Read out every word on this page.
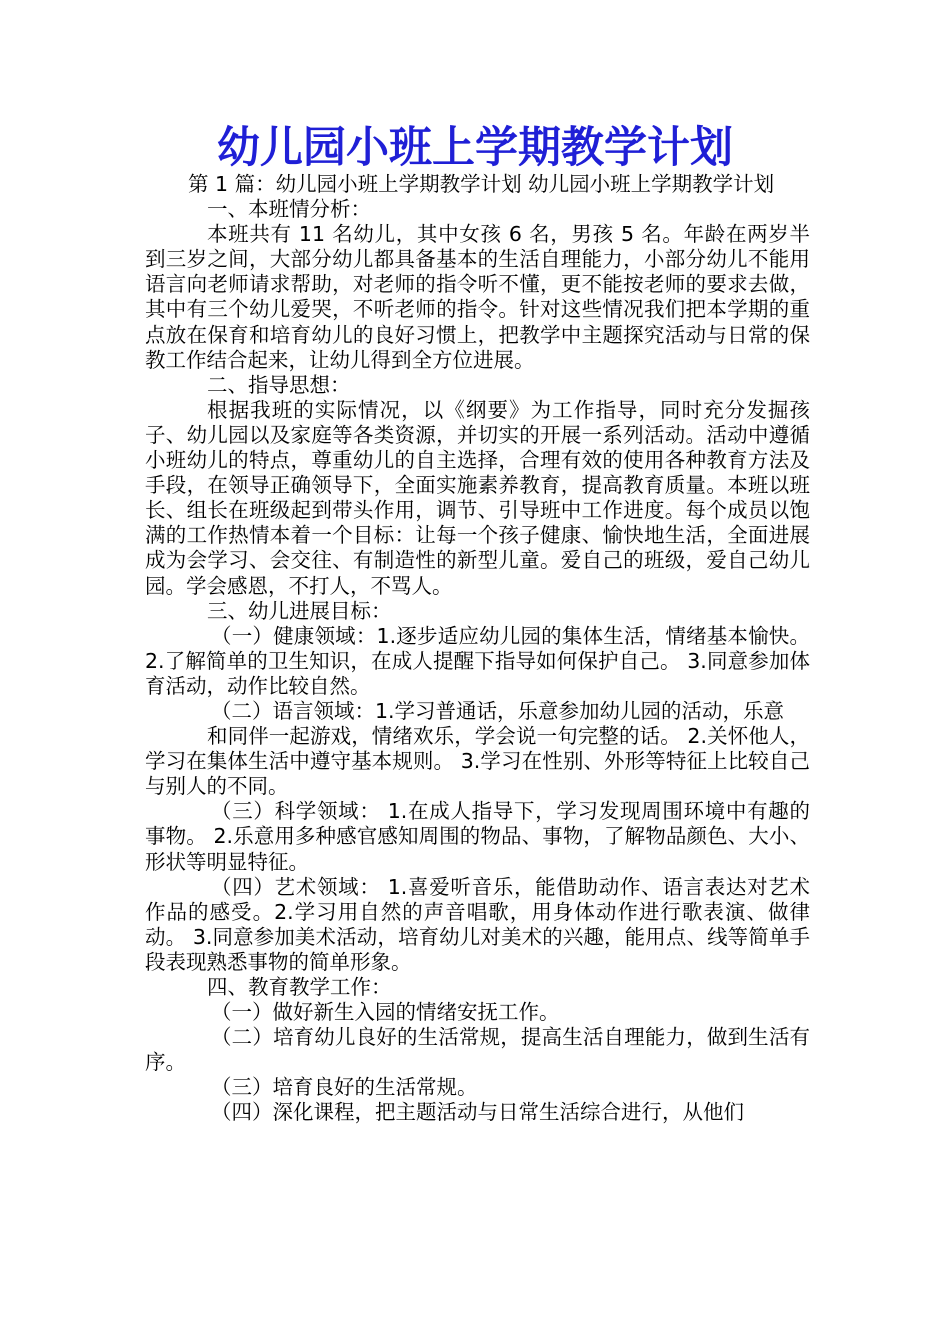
幼儿园小班上学期教学计划

第 1 篇：幼儿园小班上学期教学计划 幼儿园小班上学期教学计划

一、本班情分析：

本班共有 11 名幼儿，其中女孩 6 名，男孩 5 名。年龄在两岁半到三岁之间，大部分幼儿都具备基本的生活自理能力，小部分幼儿不能用语言向老师请求帮助，对老师的指令听不懂，更不能按老师的要求去做，其中有三个幼儿爱哭，不听老师的指令。针对这些情况我们把本学期的重点放在保育和培育幼儿的良好习惯上，把教学中主题探究活动与日常的保教工作结合起来，让幼儿得到全方位进展。

二、指导思想：

根据我班的实际情况，以《纲要》为工作指导，同时充分发掘孩子、幼儿园以及家庭等各类资源，并切实的开展一系列活动。活动中遵循小班幼儿的特点，尊重幼儿的自主选择，合理有效的使用各种教育方法及手段，在领导正确领导下，全面实施素养教育，提高教育质量。本班以班长、组长在班级起到带头作用，调节、引导班中工作进度。每个成员以饱满的工作热情本着一个目标：让每一个孩子健康、愉快地生活，全面进展成为会学习、会交往、有制造性的新型儿童。爱自己的班级，爱自己幼儿园。学会感恩，不打人，不骂人。

三、幼儿进展目标：

（一）健康领域：1.逐步适应幼儿园的集体生活，情绪基本愉快。2.了解简单的卫生知识，在成人提醒下指导如何保护自己。 3.同意参加体育活动，动作比较自然。

（二）语言领域：1.学习普通话，乐意参加幼儿园的活动，乐意

和同伴一起游戏，情绪欢乐，学会说一句完整的话。 2.关怀他人，学习在集体生活中遵守基本规则。 3.学习在性别、外形等特征上比较自己与别人的不同。

（三）科学领域： 1.在成人指导下，学习发现周围环境中有趣的事物。 2.乐意用多种感官感知周围的物品、事物，了解物品颜色、大小、形状等明显特征。

（四）艺术领域： 1.喜爱听音乐，能借助动作、语言表达对艺术作品的感受。2.学习用自然的声音唱歌，用身体动作进行歌表演、做律动。 3.同意参加美术活动，培育幼儿对美术的兴趣，能用点、线等简单手段表现熟悉事物的简单形象。

四、教育教学工作：

（一）做好新生入园的情绪安抚工作。

（二）培育幼儿良好的生活常规，提高生活自理能力，做到生活有序。

（三）培育良好的生活常规。

（四）深化课程，把主题活动与日常生活综合进行，从他们
